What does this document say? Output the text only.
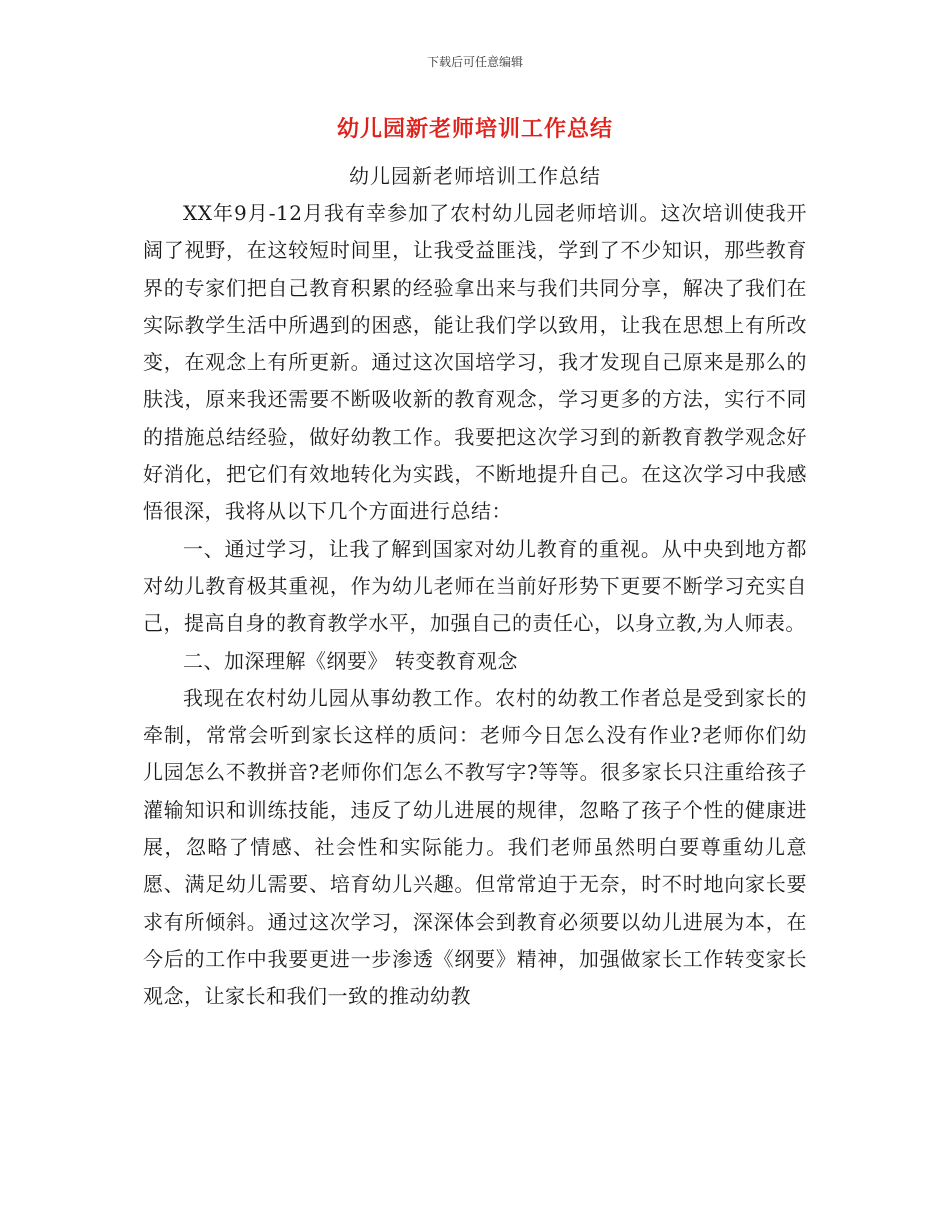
下载后可任意编辑
幼儿园新老师培训工作总结
幼儿园新老师培训工作总结

XX年9月-12月我有幸参加了农村幼儿园老师培训。这次培训使我开阔了视野，在这较短时间里，让我受益匪浅，学到了不少知识，那些教育界的专家们把自己教育积累的经验拿出来与我们共同分享，解决了我们在实际教学生活中所遇到的困惑，能让我们学以致用，让我在思想上有所改变，在观念上有所更新。通过这次国培学习，我才发现自己原来是那么的肤浅，原来我还需要不断吸收新的教育观念，学习更多的方法，实行不同的措施总结经验，做好幼教工作。我要把这次学习到的新教育教学观念好好消化，把它们有效地转化为实践，不断地提升自己。在这次学习中我感悟很深，我将从以下几个方面进行总结：

一、通过学习，让我了解到国家对幼儿教育的重视。从中央到地方都对幼儿教育极其重视，作为幼儿老师在当前好形势下更要不断学习充实自己，提高自身的教育教学水平，加强自己的责任心，以身立教,为人师表。

二、加深理解《纲要》 转变教育观念

我现在农村幼儿园从事幼教工作。农村的幼教工作者总是受到家长的牵制，常常会听到家长这样的质问：老师今日怎么没有作业?老师你们幼儿园怎么不教拼音?老师你们怎么不教写字?等等。很多家长只注重给孩子灌输知识和训练技能，违反了幼儿进展的规律，忽略了孩子个性的健康进展，忽略了情感、社会性和实际能力。我们老师虽然明白要尊重幼儿意愿、满足幼儿需要、培育幼儿兴趣。但常常迫于无奈，时不时地向家长要求有所倾斜。通过这次学习，深深体会到教育必须要以幼儿进展为本，在今后的工作中我要更进一步渗透《纲要》精神，加强做家长工作转变家长观念，让家长和我们一致的推动幼教
